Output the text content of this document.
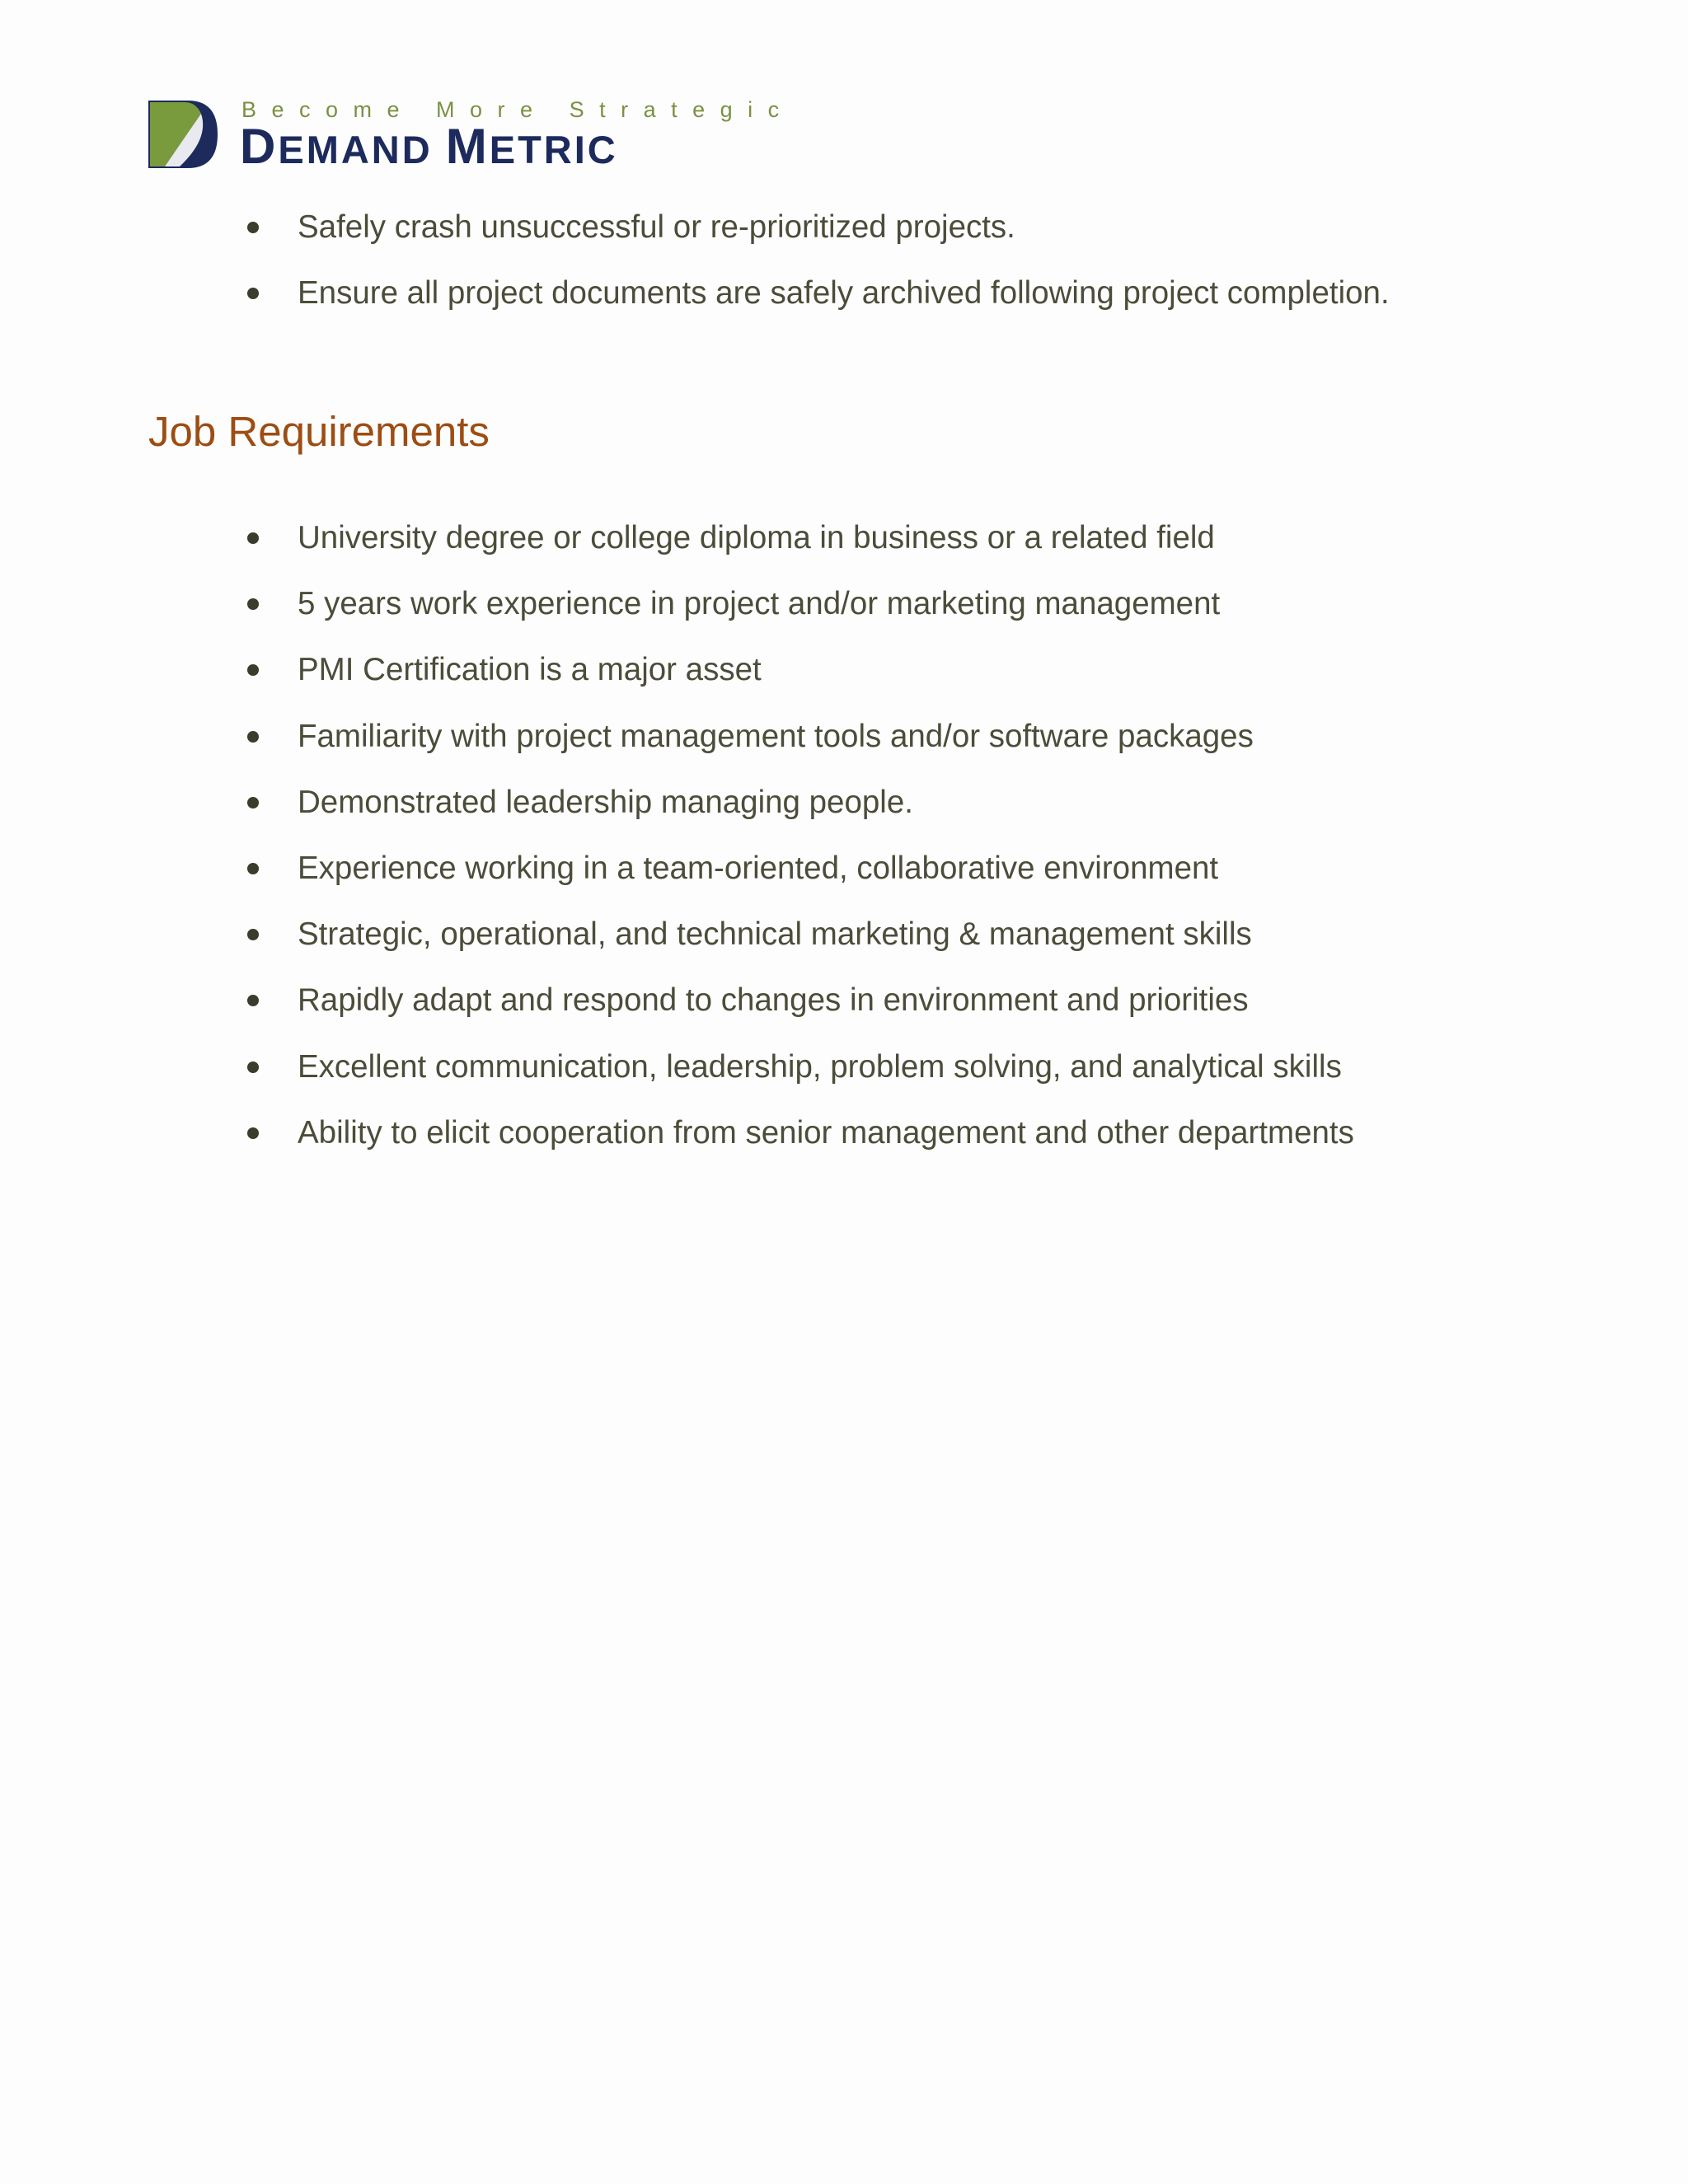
Become More Strategic
DEMAND METRIC
Safely crash unsuccessful or re-prioritized projects.
Ensure all project documents are safely archived following project completion.
Job Requirements
University degree or college diploma in business or a related field
5 years work experience in project and/or marketing management
PMI Certification is a major asset
Familiarity with project management tools and/or software packages
Demonstrated leadership managing people.
Experience working in a team-oriented, collaborative environment
Strategic, operational, and technical marketing & management skills
Rapidly adapt and respond to changes in environment and priorities
Excellent communication, leadership, problem solving, and analytical skills
Ability to elicit cooperation from senior management and other departments
